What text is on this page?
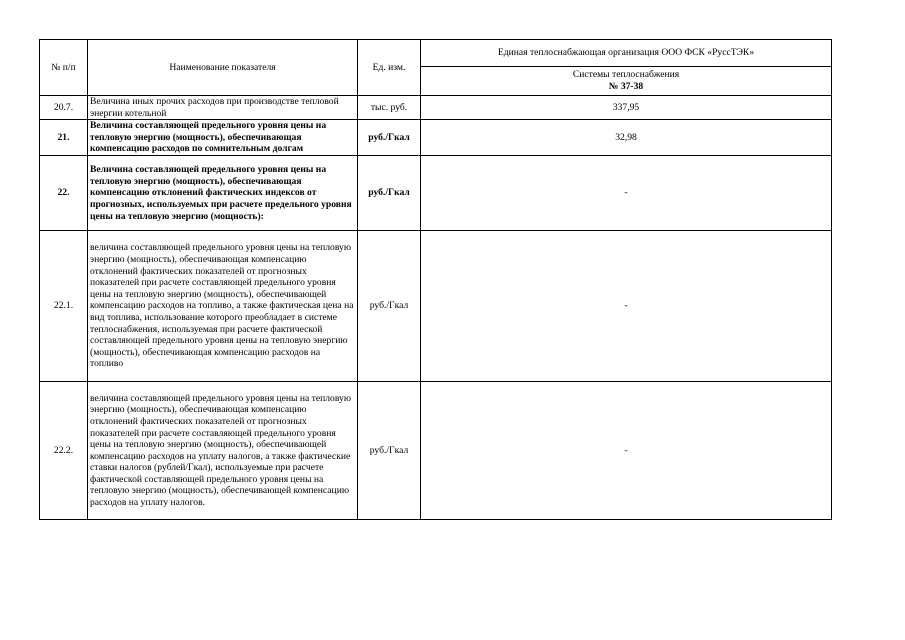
№ п/п	Наименование показателя	Ед. изм.	Единая теплоснабжающая организация ООО ФСК «РуссТЭК»

			Системы теплоснабжения
№ 37-38

20.7.	Величина иных прочих расходов при производстве тепловой энергии котельной	тыс. руб.	337,95
21.	Величина составляющей предельного уровня цены на тепловую энергию (мощность), обеспечивающая компенсацию расходов по сомнительным долгам	руб./Гкал	32,98
22.	Величина составляющей предельного уровня цены на тепловую энергию (мощность), обеспечивающая компенсацию отклонений фактических индексов от прогнозных, используемых при расчете предельного уровня цены на тепловую энергию (мощность):	руб./Гкал	-
22.1.	величина составляющей предельного уровня цены на тепловую энергию (мощность), обеспечивающая компенсацию отклонений фактических показателей от прогнозных показателей при расчете составляющей предельного уровня цены на тепловую энергию (мощность), обеспечивающей компенсацию расходов на топливо, а также фактическая цена на вид топлива, использование которого преобладает в системе теплоснабжения, используемая при расчете фактической составляющей предельного уровня цены на тепловую энергию (мощность), обеспечивающая компенсацию расходов на топливо	руб./Гкал	-
22.2.	величина составляющей предельного уровня цены на тепловую энергию (мощность), обеспечивающая компенсацию отклонений фактических показателей от прогнозных показателей при расчете составляющей предельного уровня цены на тепловую энергию (мощность), обеспечивающей компенсацию расходов на уплату налогов, а также фактические ставки налогов (рублей/Гкал), используемые при расчете фактической составляющей предельного уровня цены на тепловую энергию (мощность), обеспечивающей компенсацию расходов на уплату налогов.	руб./Гкал	-
